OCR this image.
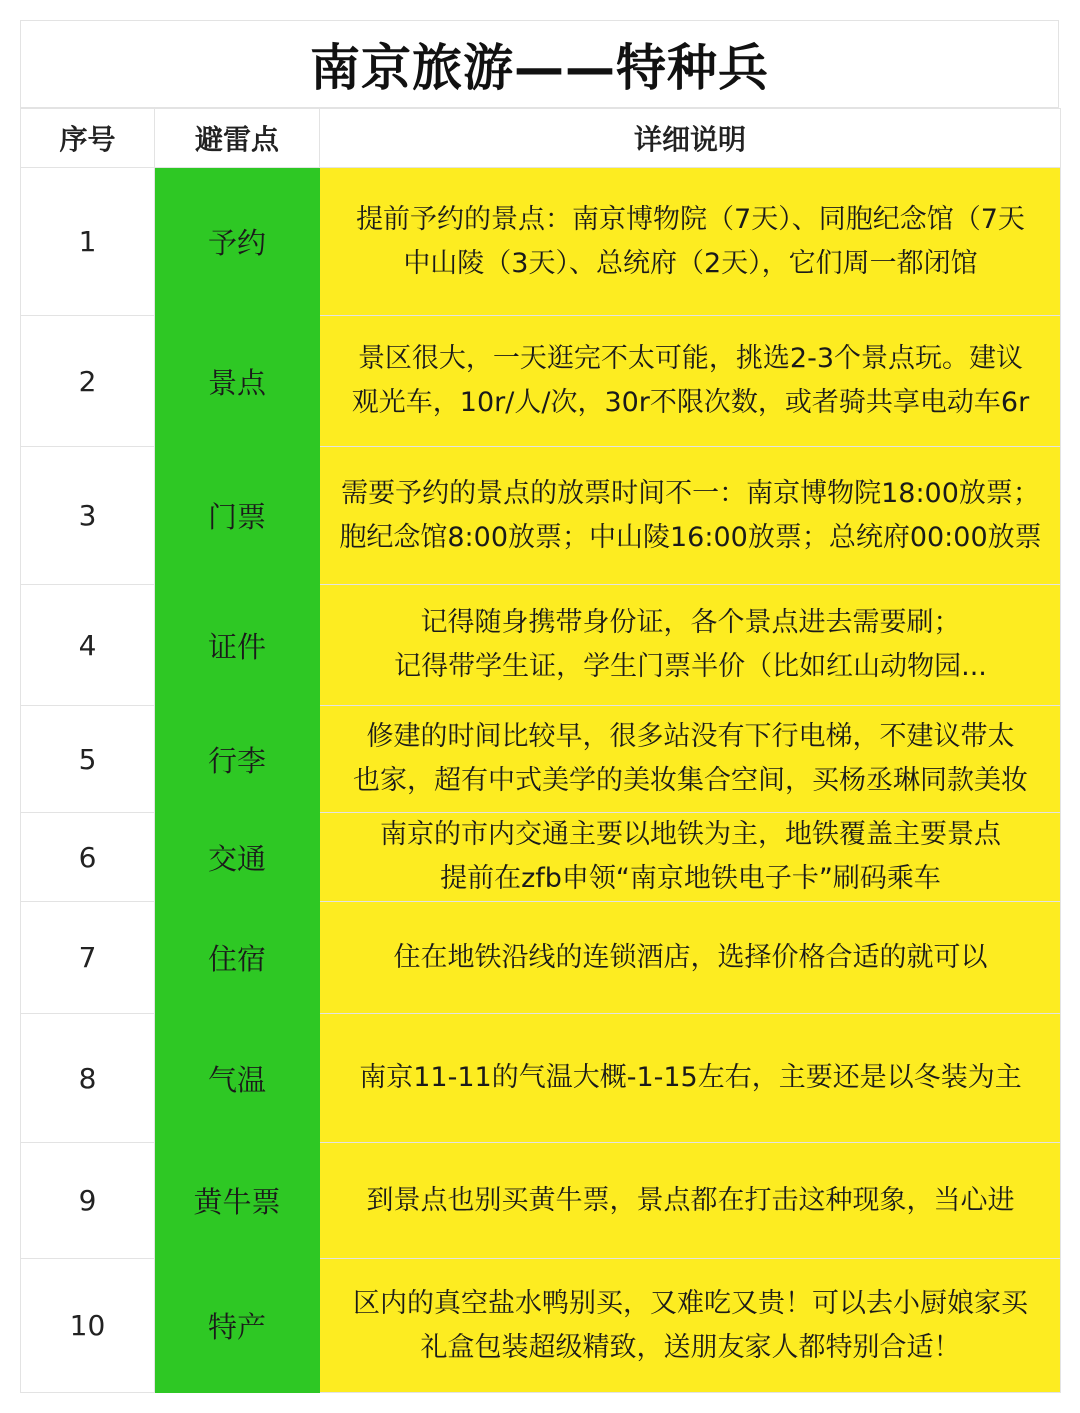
南京旅游——特种兵
序号	避雷点	详细说明
1	予约	提前予约的景点：南京博物院（7天）、同胞纪念馆（7天
中山陵（3天）、总统府（2天），它们周一都闭馆

2	景点	景区很大，一天逛完不太可能，挑选2-3个景点玩。建议
观光车，10r/人/次，30r不限次数，或者骑共享电动车6r

3	门票	需要予约的景点的放票时间不一：南京博物院18:00放票；
胞纪念馆8:00放票；中山陵16:00放票；总统府00:00放票

4	证件	记得随身携带身份证，各个景点进去需要刷；
记得带学生证，学生门票半价（比如红山动物园...

5	行李	修建的时间比较早，很多站没有下行电梯，不建议带太
也家，超有中式美学的美妆集合空间，买杨丞琳同款美妆

6	交通	南京的市内交通主要以地铁为主，地铁覆盖主要景点
提前在zfb申领“南京地铁电子卡”刷码乘车

7	住宿	住在地铁沿线的连锁酒店，选择价格合适的就可以

8	气温	南京11-11的气温大概-1-15左右，主要还是以冬装为主

9	黄牛票	到景点也别买黄牛票，景点都在打击这种现象，当心进

10	特产	区内的真空盐水鸭别买，又难吃又贵！可以去小厨娘家买
礼盒包装超级精致，送朋友家人都特别合适！
